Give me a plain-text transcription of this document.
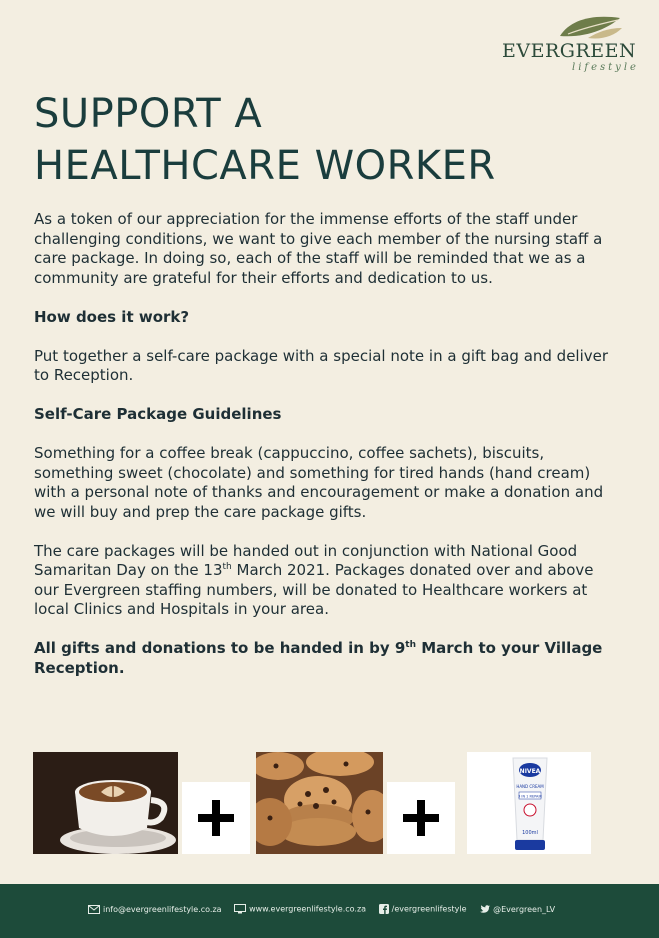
EVERGREEN
lifestyle
SUPPORT A
HEALTHCARE WORKER

As a token of our appreciation for the immense efforts of the staff under challenging conditions, we want to give each member of the nursing staff a care package. In doing so, each of the staff will be reminded that we as a community are grateful for their efforts and dedication to us.

How does it work?

Put together a self-care package with a special note in a gift bag and deliver to Reception.

Self-Care Package Guidelines

Something for a coffee break (cappuccino, coffee sachets), biscuits, something sweet (chocolate) and something for tired hands (hand cream) with a personal note of thanks and encouragement or make a donation and we will buy and prep the care package gifts.

The care packages will be handed out in conjunction with National Good Samaritan Day on the 13th March 2021. Packages donated over and above our Evergreen staffing numbers, will be donated to Healthcare workers at local Clinics and Hospitals in your area.

All gifts and donations to be handed in by 9th March to your Village Reception.

NIVEA
HAND CREAM
3 IN 1 REPAIR
100ml
info@evergreenlifestyle.co.za	www.evergreenlifestyle.co.za	/evergreenlifestyle	@Evergreen_LV
